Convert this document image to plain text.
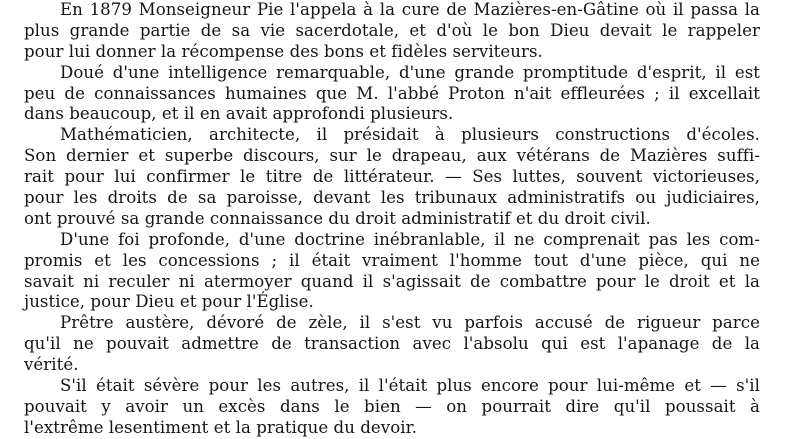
En 1879 Monseigneur Pie l'appela à la cure de Mazières-en-Gâtine où il passa la
plus grande partie de sa vie sacerdotale, et d'où le bon Dieu devait le rappeler
pour lui donner la récompense des bons et fidèles serviteurs.
Doué d'une intelligence remarquable, d'une grande promptitude d'esprit, il est
peu de connaissances humaines que M. l'abbé Proton n'ait effleurées ; il excellait
dans beaucoup, et il en avait approfondi plusieurs.
Mathématicien, architecte, il présidait à plusieurs constructions d'écoles.
Son dernier et superbe discours, sur le drapeau, aux vétérans de Mazières suffi-
rait pour lui confirmer le titre de littérateur. — Ses luttes, souvent victorieuses,
pour les droits de sa paroisse, devant les tribunaux administratifs ou judiciaires,
ont prouvé sa grande connaissance du droit administratif et du droit civil.
D'une foi profonde, d'une doctrine inébranlable, il ne comprenait pas les com-
promis et les concessions ; il était vraiment l'homme tout d'une pièce, qui ne
savait ni reculer ni atermoyer quand il s'agissait de combattre pour le droit et la
justice, pour Dieu et pour l'Église.
Prêtre austère, dévoré de zèle, il s'est vu parfois accusé de rigueur parce
qu'il ne pouvait admettre de transaction avec l'absolu qui est l'apanage de la
vérité.
S'il était sévère pour les autres, il l'était plus encore pour lui-même et — s'il
pouvait y avoir un excès dans le bien — on pourrait dire qu'il poussait à
l'extrême lesentiment et la pratique du devoir.
